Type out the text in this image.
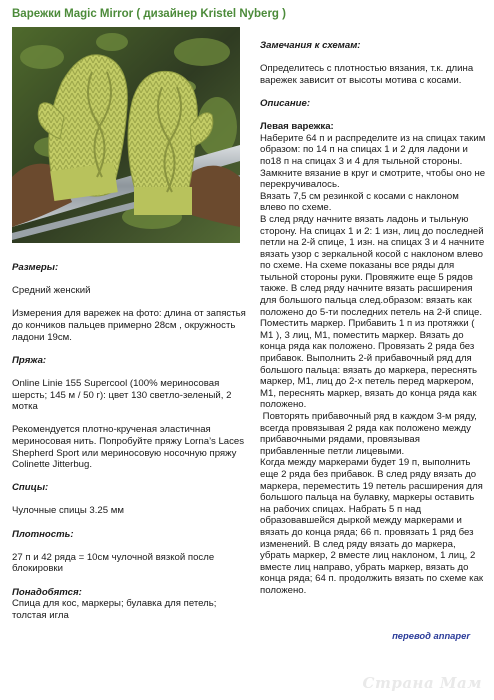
Варежки Magic Mirror ( дизайнер Kristel Nyberg )

Размеры:

Средний женский

Измерения для варежек на фото: длина от запястья до кончиков пальцев примерно 28см , окружность ладони 19см.

Пряжа:

Online Linie 155 Supercool (100% мериносовая шерсть; 145 м / 50 г): цвет 130 светло-зеленый, 2 мотка

Рекомендуется плотно-крученая эластичная мериносовая нить. Попробуйте пряжу Lorna’s Laces Shepherd Sport или мериносовую носочную пряжу Colinette Jitterbug.

Спицы:

Чулочные спицы 3.25 мм

Плотность:

27 п и 42 ряда = 10см чулочной вязкой после блокировки

Понадобятся:

Спица для кос, маркеры; булавка для петель; толстая игла

Замечания к схемам:

Определитесь с плотностью вязания, т.к. длина варежек зависит от высоты мотива с косами.

Описание:

Левая варежка:

Наберите 64 п и распределите из на спицах таким образом: по 14 п на спицах 1 и 2 для ладони и по18 п на спицах 3 и 4 для тыльной стороны. Замкните вязание в круг и смотрите, чтобы оно не перекручивалось.

Вязать 7,5 см резинкой с косами с наклоном влево по схеме.

В след ряду начните вязать ладонь и тыльную сторону. На спицах 1 и 2: 1 изн, лиц до последней петли на 2-й спице, 1 изн. на спицах 3 и 4 начните вязать узор с зеркальной косой с наклоном влево по схеме. На схеме показаны все ряды для тыльной стороны руки. Провяжите еще 5 рядов также. В след ряду начните вязать расширения для большого пальца след.образом: вязать как положено до 5-ти последних петель на 2-й спице. Поместить маркер. Прибавить 1 п из протяжки ( М1 ), 3 лиц, М1, поместить маркер. Вязать до конца ряда как положено. Провязать 2 ряда без прибавок. Выполнить 2-й прибавочный ряд для большого пальца: вязать до маркера, переснять маркер, М1, лиц до 2-х петель перед маркером, М1, переснять маркер, вязать до конца ряда как положено.

Повторять прибавочный ряд в каждом 3-м ряду, всегда провязывая 2 ряда как положено между прибавочными рядами, провязывая прибавленные петли лицевыми.

Когда между маркерами будет 19 п, выполнить еще 2 ряда без прибавок. В след ряду вязать до маркера, переместить 19 петель расширения для большого пальца на булавку, маркеры оставить на рабочих спицах. Набрать 5 п над образовавшейся дыркой между маркерами и вязать до конца ряда; 66 п. провязать 1 ряд без изменений. В след ряду вязать до маркера, убрать маркер, 2 вместе лиц наклоном, 1 лиц, 2 вместе лиц направо, убрать маркер, вязать до конца ряда; 64 п. продолжить вязать по схеме как положено.

перевод annaper
Страна Мам
